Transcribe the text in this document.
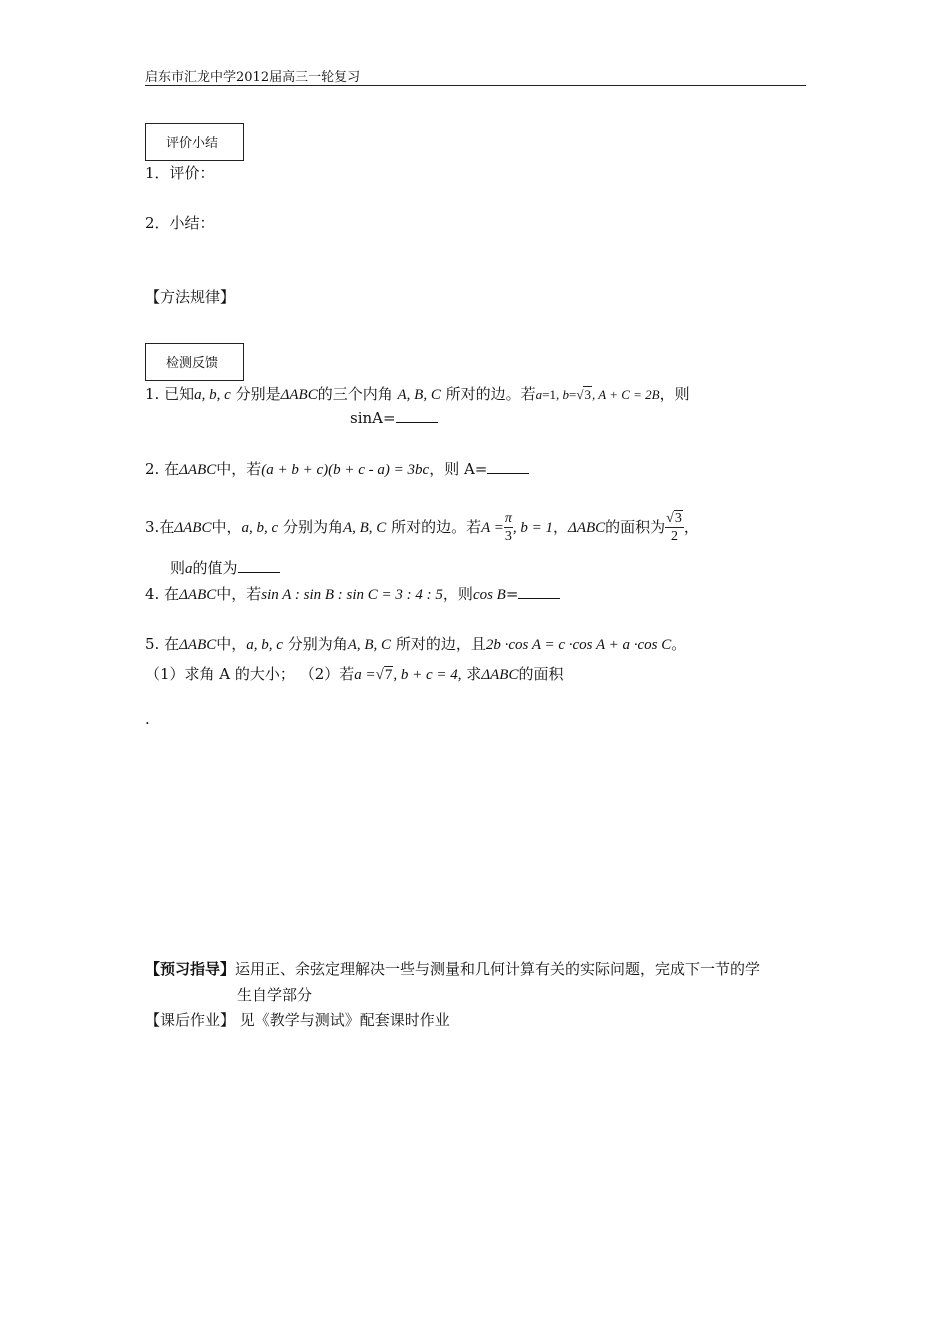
启东市汇龙中学2012届高三一轮复习
评价小结
1．评价：
2．小结：
【方法规律】
检测反馈
1. 已知a, b, c 分别是ΔABC的三个内角 A, B, C 所对的边。若a=1, b=√3, A + C = 2B，则
sinA=
2. 在ΔABC中，若(a + b + c)(b + c - a) = 3bc，则 A=
3.在ΔABC中，a, b, c 分别为角A, B, C 所对的边。若$A = \frac{\pi}{3}$ , b = 1，ΔABC的面积为 $\frac{√3}{2}$ ，
则a的值为
4. 在ΔABC中，若sin A : sin B : sin C = 3 : 4 : 5，则cos B=
5. 在ΔABC中，a, b, c 分别为角A, B, C 所对的边，且2b ·cos A = c ·cos A + a ·cos C。
（1）求角 A 的大小； （2）若a =√7, b + c = 4, 求ΔABC的面积
.
【预习指导】运用正、余弦定理解决一些与测量和几何计算有关的实际问题，完成下一节的学
生自学部分
【课后作业】 见《教学与测试》配套课时作业
